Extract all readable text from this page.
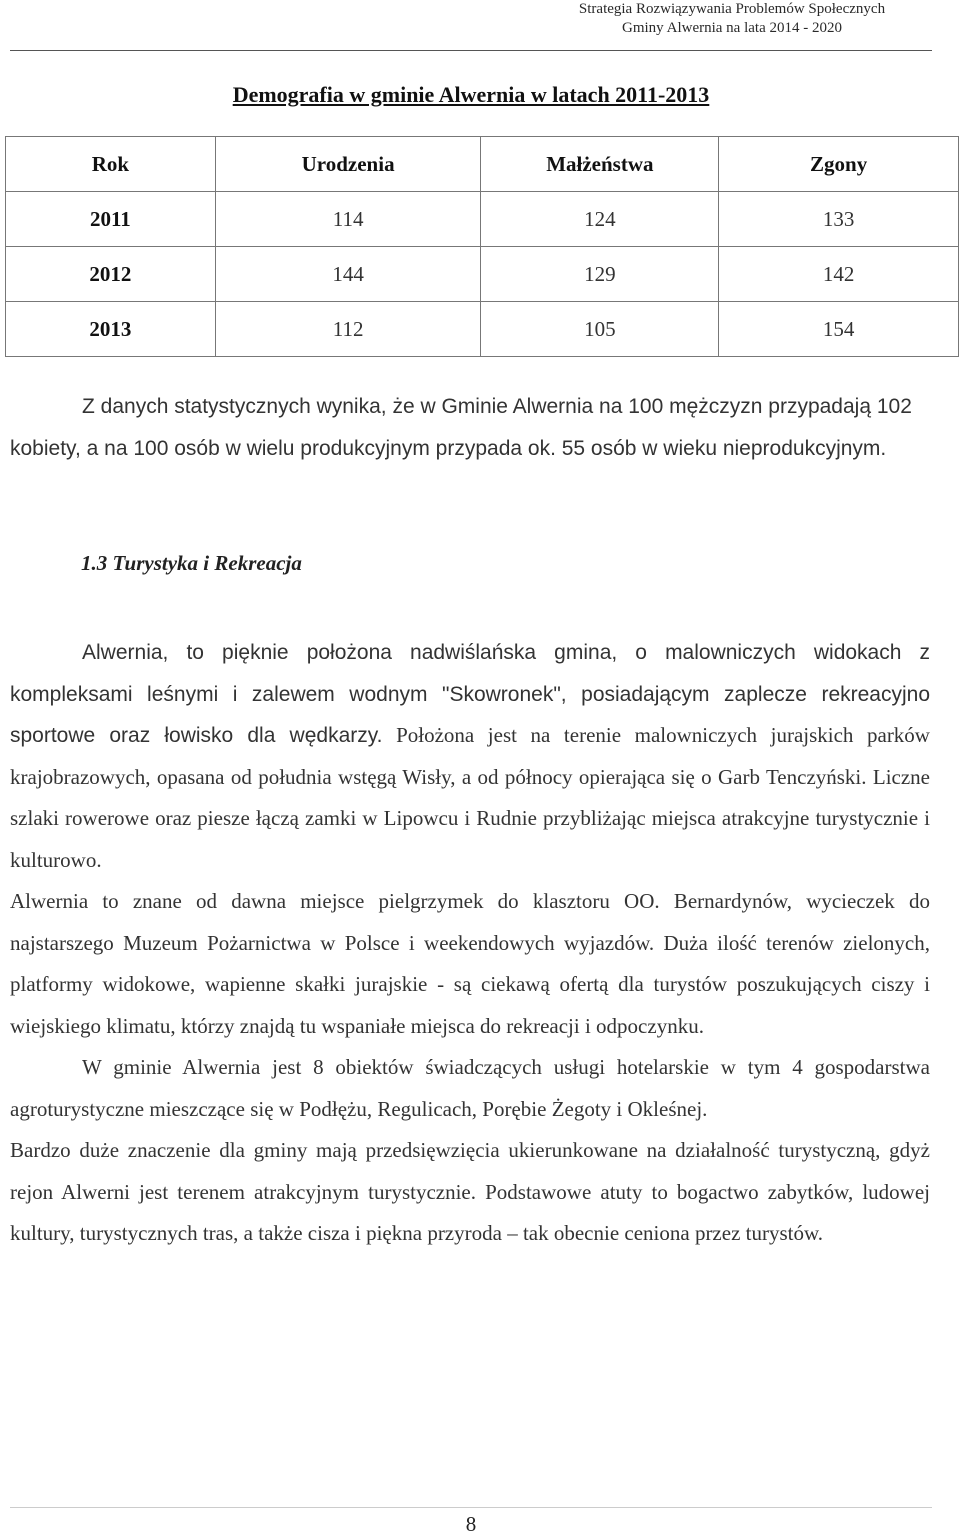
Strategia Rozwiązywania Problemów Społecznych
Gminy Alwernia na lata 2014 - 2020
Demografia w gminie Alwernia w latach 2011-2013
Rok	Urodzenia	Małżeństwa	Zgony
2011	114	124	133
2012	144	129	142
2013	112	105	154

Z danych statystycznych wynika, że w Gminie Alwernia na 100 mężczyzn przypadają 102 kobiety, a na 100 osób w wielu produkcyjnym przypada ok. 55 osób w wieku nieprodukcyjnym.

1.3 Turystyka i Rekreacja

Alwernia, to pięknie położona nadwiślańska gmina, o malowniczych widokach z kompleksami leśnymi i zalewem wodnym "Skowronek", posiadającym zaplecze rekreacyjno sportowe oraz łowisko dla wędkarzy. Położona jest na terenie malowniczych jurajskich parków krajobrazowych, opasana od południa wstęgą Wisły, a od północy opierająca się o Garb Tenczyński. Liczne szlaki rowerowe oraz piesze łączą zamki w Lipowcu i Rudnie przybliżając miejsca atrakcyjne turystycznie i kulturowo.

Alwernia to znane od dawna miejsce pielgrzymek do klasztoru OO. Bernardynów, wycieczek do najstarszego Muzeum Pożarnictwa w Polsce i weekendowych wyjazdów. Duża ilość terenów zielonych, platformy widokowe, wapienne skałki jurajskie - są ciekawą ofertą dla turystów poszukujących ciszy i wiejskiego klimatu, którzy znajdą tu wspaniałe miejsca do rekreacji i odpoczynku.

W gminie Alwernia jest 8 obiektów świadczących usługi hotelarskie w tym 4 gospodarstwa agroturystyczne mieszczące się w Podłężu, Regulicach, Porębie Żegoty i Okleśnej.

Bardzo duże znaczenie dla gminy mają przedsięwzięcia ukierunkowane na działalność turystyczną, gdyż rejon Alwerni jest terenem atrakcyjnym turystycznie. Podstawowe atuty to bogactwo zabytków, ludowej kultury, turystycznych tras, a także cisza i piękna przyroda – tak obecnie ceniona przez turystów.

8
